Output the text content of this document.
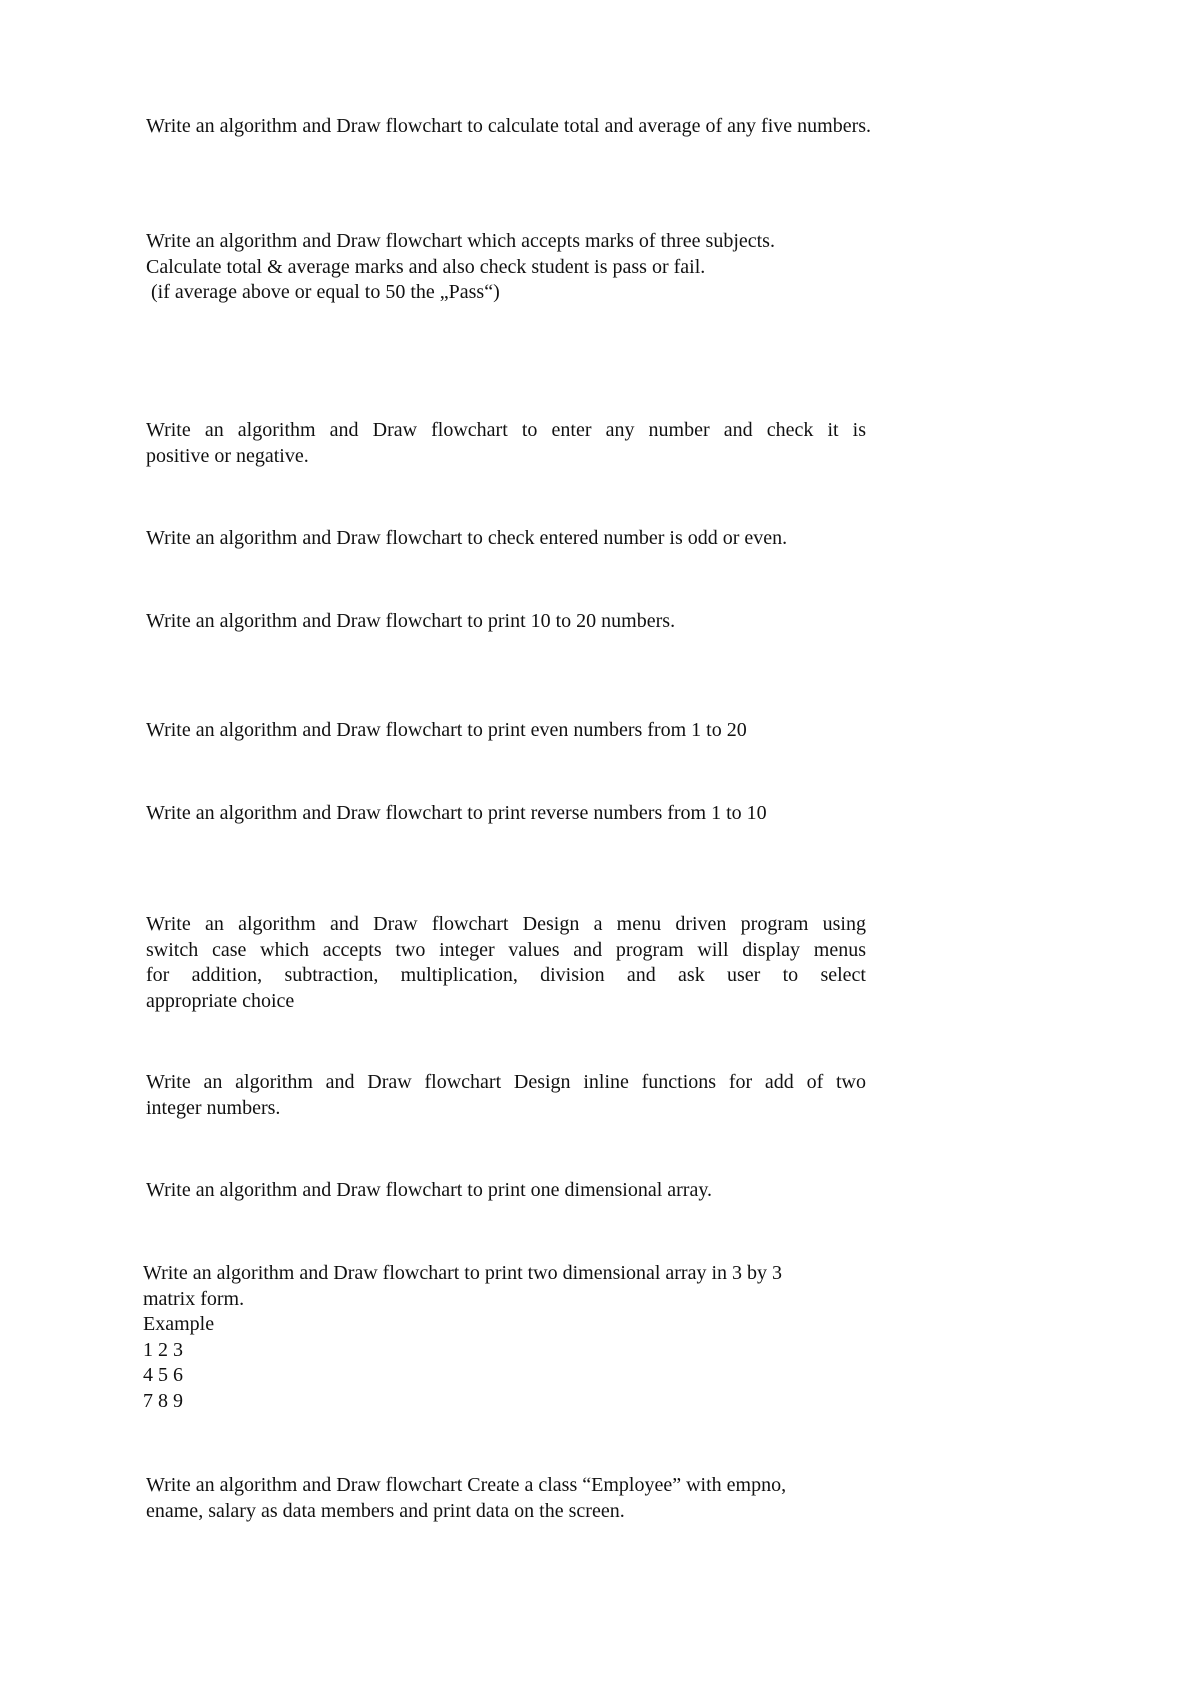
Write an algorithm and Draw flowchart to calculate total and average of any five numbers.
Write an algorithm and Draw flowchart which accepts marks of three subjects.
Calculate total & average marks and also check student is pass or fail.
(if average above or equal to 50 the „Pass“)
Write an algorithm and Draw flowchart to enter any number and check it is
positive or negative.
Write an algorithm and Draw flowchart to check entered number is odd or even.
Write an algorithm and Draw flowchart to print 10 to 20 numbers.
Write an algorithm and Draw flowchart to print even numbers from 1 to 20
Write an algorithm and Draw flowchart to print reverse numbers from 1 to 10
Write an algorithm and Draw flowchart Design a menu driven program using
switch case which accepts two integer values and program will display menus
for addition, subtraction, multiplication, division and ask user to select
appropriate choice
Write an algorithm and Draw flowchart Design inline functions for add of two
integer numbers.
Write an algorithm and Draw flowchart to print one dimensional array.
Write an algorithm and Draw flowchart to print two dimensional array in 3 by 3
matrix form.
Example
1 2 3
4 5 6
7 8 9
Write an algorithm and Draw flowchart Create a class “Employee” with empno,
ename, salary as data members and print data on the screen.
